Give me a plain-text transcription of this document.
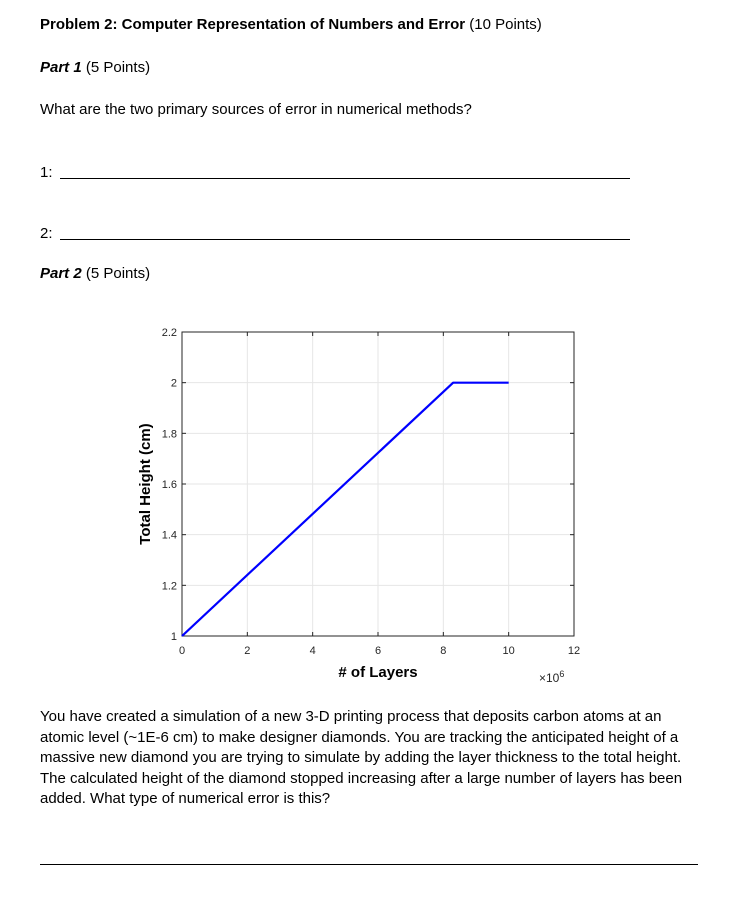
Problem 2: Computer Representation of Numbers and Error (10 Points)
Part 1 (5 Points)
What are the two primary sources of error in numerical methods?
1:
2:
Part 2 (5 Points)
0	2	4	6	8	10	12
1
1.2
1.4
1.6
1.8
2
2.2
# of Layers
Total Height (cm)
$\times 10^6$
You have created a simulation of a new 3-D printing process that deposits carbon atoms at an atomic level (~1E-6 cm) to make designer diamonds. You are tracking the anticipated height of a massive new diamond you are trying to simulate by adding the layer thickness to the total height. The calculated height of the diamond stopped increasing after a large number of layers has been added. What type of numerical error is this?
